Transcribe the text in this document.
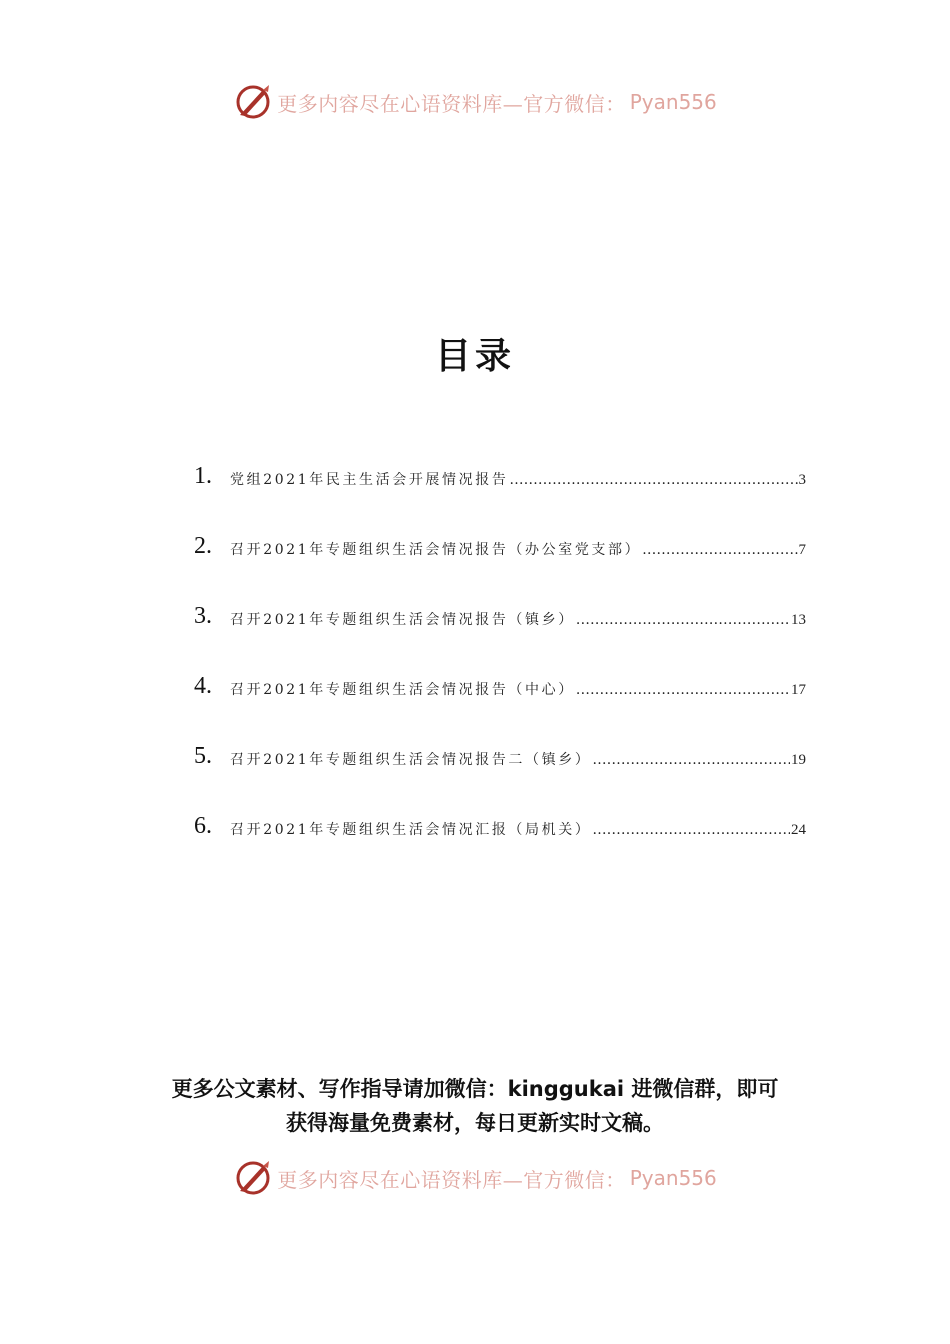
更多内容尽在心语资料库—官方微信： Pyan556
目录
1.	党组2021年民主生活会开展情况报告 .....	3
2.	召开2021年专题组织生活会情况报告（办公室党支部） .....	7
3.	召开2021年专题组织生活会情况报告（镇乡） .....	13
4.	召开2021年专题组织生活会情况报告（中心） .....	17
5.	召开2021年专题组织生活会情况报告二（镇乡） .....	19
6.	召开2021年专题组织生活会情况汇报（局机关） .....	24

更多公文素材、写作指导请加微信：kinggukai 进微信群，即可
获得海量免费素材，每日更新实时文稿。

更多内容尽在心语资料库—官方微信： Pyan556
